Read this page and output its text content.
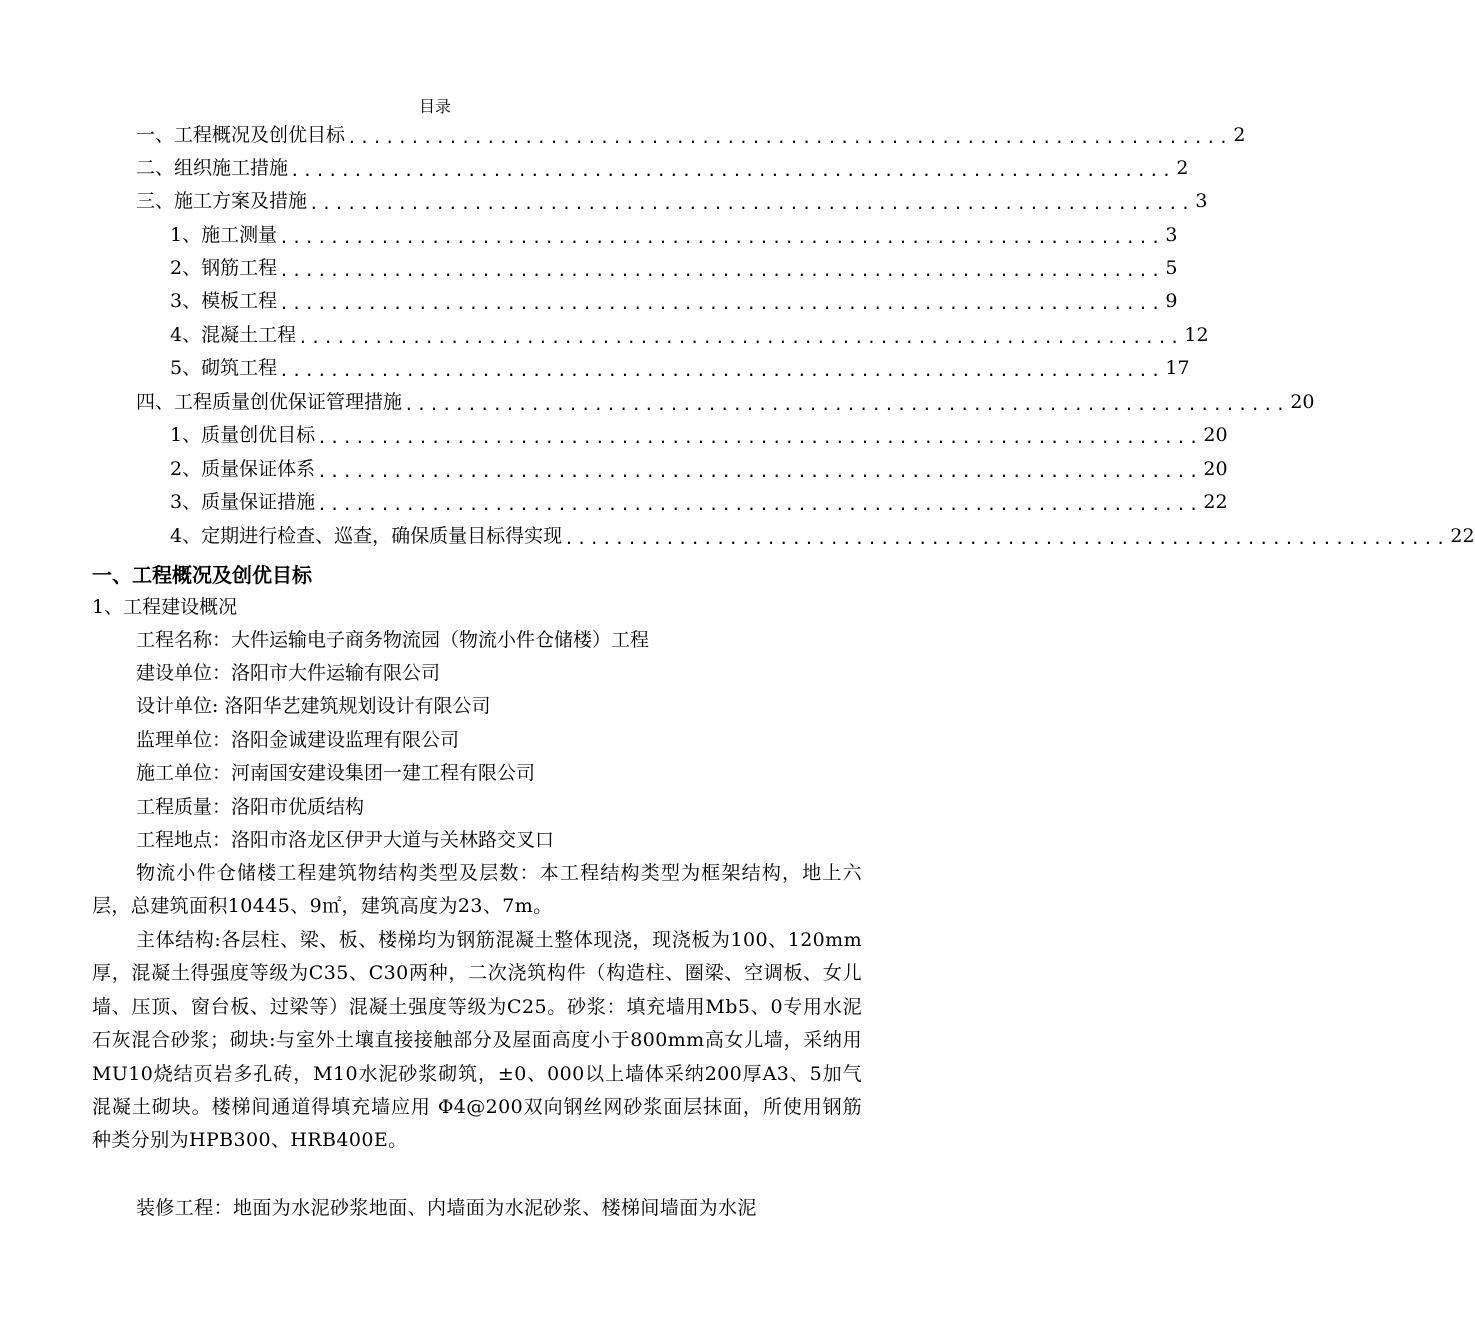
目录
一、工程概况及创优目标 ...................................................................... 2
二、组织施工措施 ...................................................................... 2
三、施工方案及措施 ...................................................................... 3
1、施工测量 ...................................................................... 3
2、钢筋工程 ...................................................................... 5
3、模板工程 ...................................................................... 9
4、混凝土工程 ...................................................................... 12
5、砌筑工程 ...................................................................... 17
四、工程质量创优保证管理措施 ...................................................................... 20
1、质量创优目标 ...................................................................... 20
2、质量保证体系 ...................................................................... 20
3、质量保证措施 ...................................................................... 22
4、定期进行检查、巡查，确保质量目标得实现 ...................................................................... 22
一、工程概况及创优目标
1、工程建设概况
工程名称：大件运输电子商务物流园（物流小件仓储楼）工程
建设单位：洛阳市大件运输有限公司
设计单位: 洛阳华艺建筑规划设计有限公司
监理单位：洛阳金诚建设监理有限公司
施工单位：河南国安建设集团一建工程有限公司
工程质量：洛阳市优质结构
工程地点：洛阳市洛龙区伊尹大道与关林路交叉口
物流小件仓储楼工程建筑物结构类型及层数：本工程结构类型为框架结构，地上六层，总建筑面积10445、9㎡，建筑高度为23、7m。
主体结构:各层柱、梁、板、楼梯均为钢筋混凝土整体现浇，现浇板为100、120mm厚，混凝土得强度等级为C35、C30两种，二次浇筑构件（构造柱、圈梁、空调板、女儿墙、压顶、窗台板、过梁等）混凝土强度等级为C25。砂浆：填充墙用Mb5、0专用水泥石灰混合砂浆；砌块:与室外土壤直接接触部分及屋面高度小于800mm高女儿墙，采纳用MU10烧结页岩多孔砖，M10水泥砂浆砌筑，±0、000以上墙体采纳200厚A3、5加气混凝土砌块。楼梯间通道得填充墙应用 Φ4@200双向钢丝网砂浆面层抹面，所使用钢筋种类分别为HPB300、HRB400E。
装修工程：地面为水泥砂浆地面、内墙面为水泥砂浆、楼梯间墙面为水泥
